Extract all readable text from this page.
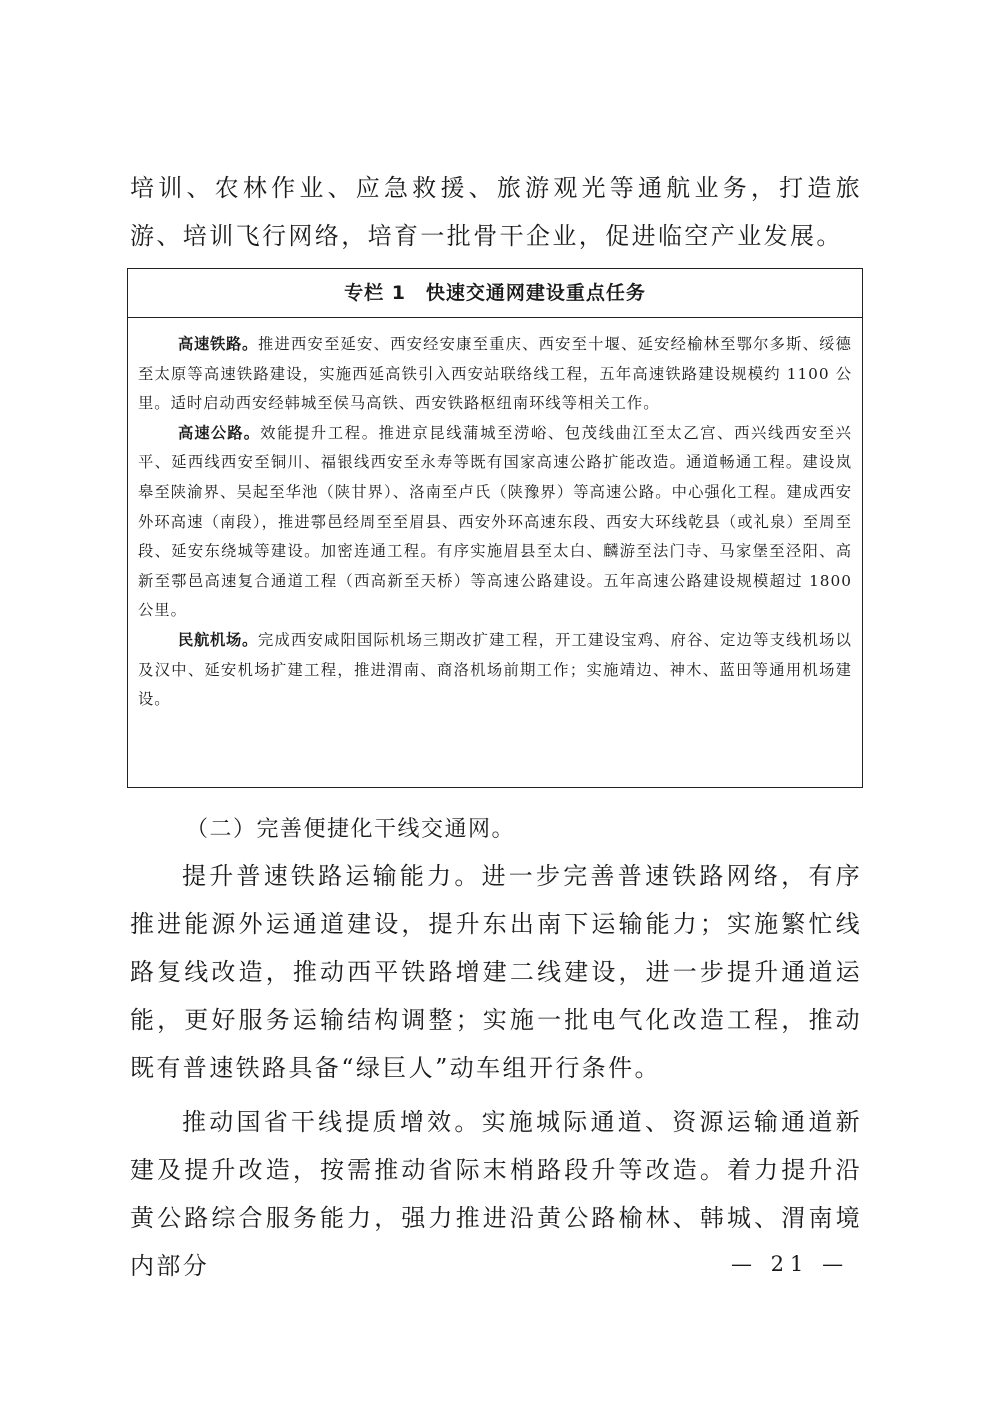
培训、农林作业、应急救援、旅游观光等通航业务，打造旅游、培训飞行网络，培育一批骨干企业，促进临空产业发展。

专栏 1　快速交通网建设重点任务

高速铁路。推进西安至延安、西安经安康至重庆、西安至十堰、延安经榆林至鄂尔多斯、绥德至太原等高速铁路建设，实施西延高铁引入西安站联络线工程，五年高速铁路建设规模约 1100 公里。适时启动西安经韩城至侯马高铁、西安铁路枢纽南环线等相关工作。

高速公路。效能提升工程。推进京昆线蒲城至涝峪、包茂线曲江至太乙宫、西兴线西安至兴平、延西线西安至铜川、福银线西安至永寿等既有国家高速公路扩能改造。通道畅通工程。建设岚皋至陕渝界、吴起至华池（陕甘界）、洛南至卢氏（陕豫界）等高速公路。中心强化工程。建成西安外环高速（南段），推进鄠邑经周至至眉县、西安外环高速东段、西安大环线乾县（或礼泉）至周至段、延安东绕城等建设。加密连通工程。有序实施眉县至太白、麟游至法门寺、马家堡至泾阳、高新至鄠邑高速复合通道工程（西高新至天桥）等高速公路建设。五年高速公路建设规模超过 1800 公里。

民航机场。完成西安咸阳国际机场三期改扩建工程，开工建设宝鸡、府谷、定边等支线机场以及汉中、延安机场扩建工程，推进渭南、商洛机场前期工作；实施靖边、神木、蓝田等通用机场建设。

（二）完善便捷化干线交通网。

提升普速铁路运输能力。进一步完善普速铁路网络，有序推进能源外运通道建设，提升东出南下运输能力；实施繁忙线路复线改造，推动西平铁路增建二线建设，进一步提升通道运能，更好服务运输结构调整；实施一批电气化改造工程，推动既有普速铁路具备“绿巨人”动车组开行条件。

推动国省干线提质增效。实施城际通道、资源运输通道新建及提升改造，按需推动省际末梢路段升等改造。着力提升沿黄公路综合服务能力，强力推进沿黄公路榆林、韩城、渭南境内部分	— 21 —
